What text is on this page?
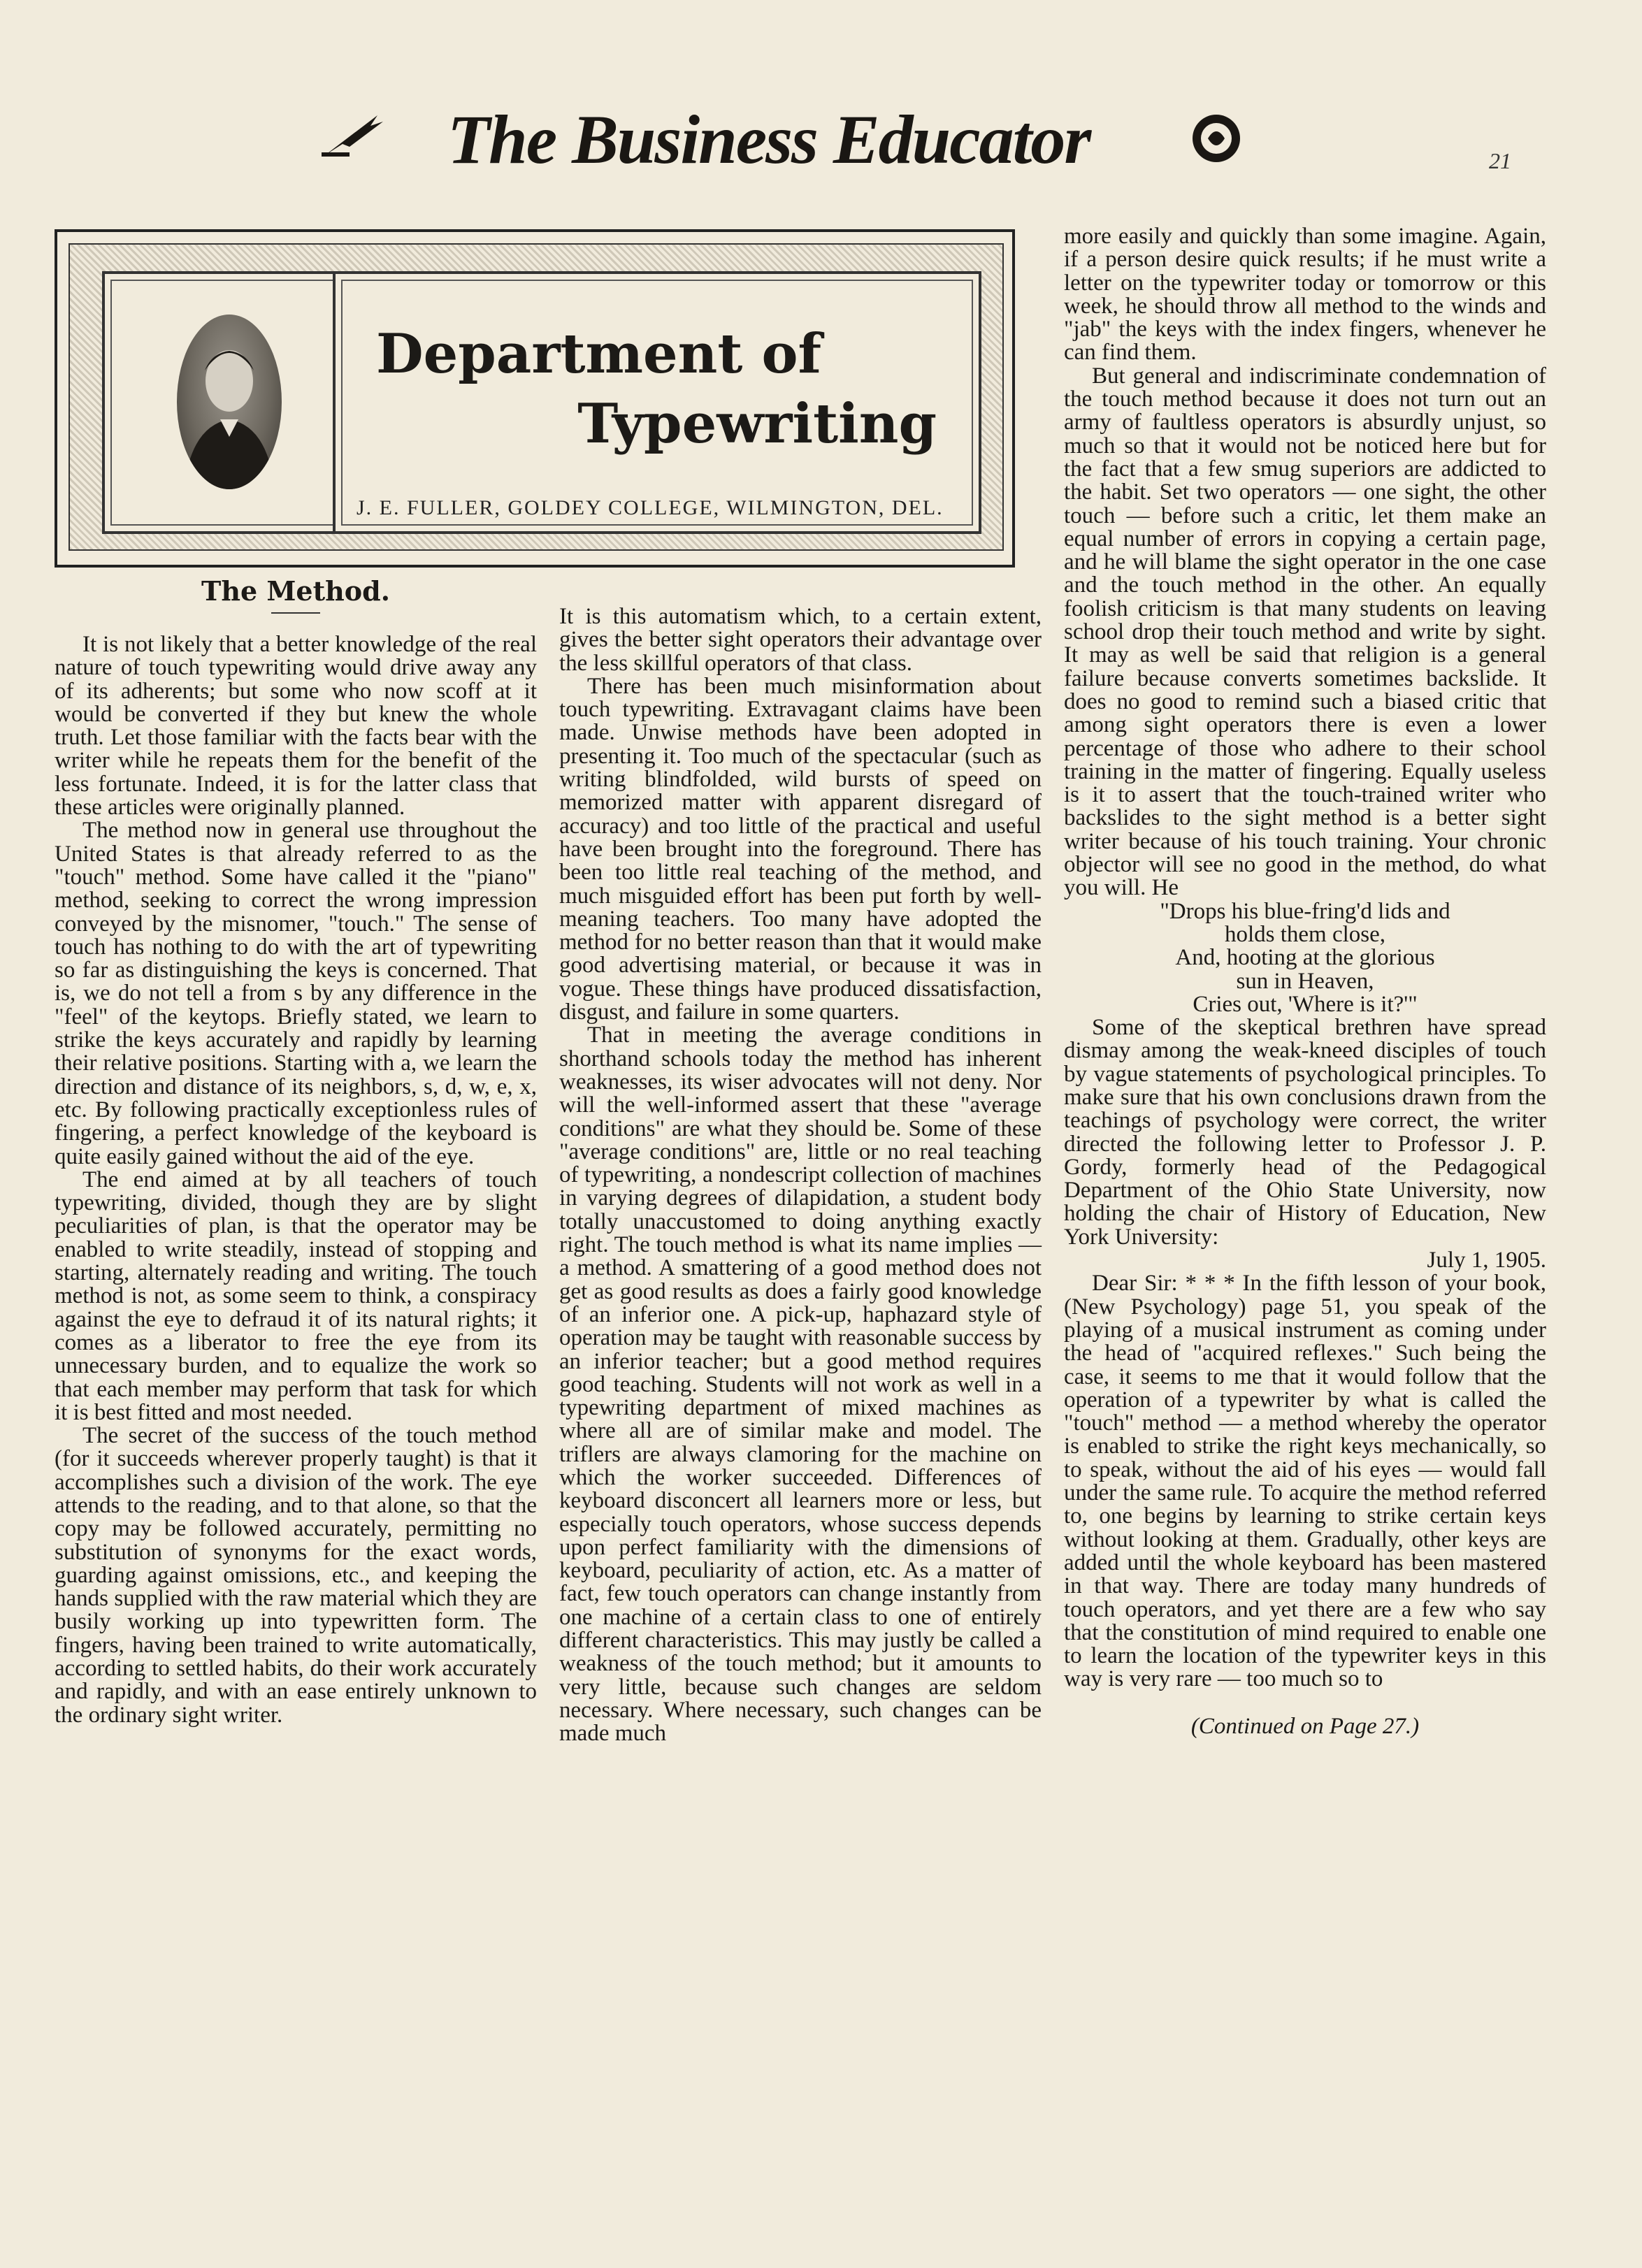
The Business Educator	21
Department of
Typewriting
J. E. FULLER, GOLDEY COLLEGE, WILMINGTON, DEL.
The Method.

It is not likely that a better knowledge of the real nature of touch typewriting would drive away any of its adherents; but some who now scoff at it would be converted if they but knew the whole truth. Let those familiar with the facts bear with the writer while he repeats them for the benefit of the less fortunate. Indeed, it is for the latter class that these articles were originally planned.

The method now in general use throughout the United States is that already referred to as the "touch" method. Some have called it the "piano" method, seeking to correct the wrong impression conveyed by the misnomer, "touch." The sense of touch has nothing to do with the art of typewriting so far as distinguishing the keys is concerned. That is, we do not tell a from s by any difference in the "feel" of the keytops. Briefly stated, we learn to strike the keys accurately and rapidly by learning their relative positions. Starting with a, we learn the direction and distance of its neighbors, s, d, w, e, x, etc. By following practically exceptionless rules of fingering, a perfect knowledge of the keyboard is quite easily gained without the aid of the eye.

The end aimed at by all teachers of touch typewriting, divided, though they are by slight peculiarities of plan, is that the operator may be enabled to write steadily, instead of stopping and starting, alternately reading and writing. The touch method is not, as some seem to think, a conspiracy against the eye to defraud it of its natural rights; it comes as a liberator to free the eye from its unnecessary burden, and to equalize the work so that each member may perform that task for which it is best fitted and most needed.

The secret of the success of the touch method (for it succeeds wherever properly taught) is that it accomplishes such a division of the work. The eye attends to the reading, and to that alone, so that the copy may be followed accurately, permitting no substitution of synonyms for the exact words, guarding against omissions, etc., and keeping the hands supplied with the raw material which they are busily working up into typewritten form. The fingers, having been trained to write automatically, according to settled habits, do their work accurately and rapidly, and with an ease entirely unknown to the ordinary sight writer.

It is this automatism which, to a certain extent, gives the better sight operators their advantage over the less skillful operators of that class.

There has been much misinformation about touch typewriting. Extravagant claims have been made. Unwise methods have been adopted in presenting it. Too much of the spectacular (such as writing blindfolded, wild bursts of speed on memorized matter with apparent disregard of accuracy) and too little of the practical and useful have been brought into the foreground. There has been too little real teaching of the method, and much misguided effort has been put forth by well-meaning teachers. Too many have adopted the method for no better reason than that it would make good advertising material, or because it was in vogue. These things have produced dissatisfaction, disgust, and failure in some quarters.

That in meeting the average conditions in shorthand schools today the method has inherent weaknesses, its wiser advocates will not deny. Nor will the well-informed assert that these "average conditions" are what they should be. Some of these "average conditions" are, little or no real teaching of typewriting, a nondescript collection of machines in varying degrees of dilapidation, a student body totally unaccustomed to doing anything exactly right. The touch method is what its name implies — a method. A smattering of a good method does not get as good results as does a fairly good knowledge of an inferior one. A pick-up, haphazard style of operation may be taught with reasonable success by an inferior teacher; but a good method requires good teaching. Students will not work as well in a typewriting department of mixed machines as where all are of similar make and model. The triflers are always clamoring for the machine on which the worker succeeded. Differences of keyboard disconcert all learners more or less, but especially touch operators, whose success depends upon perfect familiarity with the dimensions of keyboard, peculiarity of action, etc. As a matter of fact, few touch operators can change instantly from one machine of a certain class to one of entirely different characteristics. This may justly be called a weakness of the touch method; but it amounts to very little, because such changes are seldom necessary. Where necessary, such changes can be made much

more easily and quickly than some imagine. Again, if a person desire quick results; if he must write a letter on the typewriter today or tomorrow or this week, he should throw all method to the winds and "jab" the keys with the index fingers, whenever he can find them.

But general and indiscriminate condemnation of the touch method because it does not turn out an army of faultless operators is absurdly unjust, so much so that it would not be noticed here but for the fact that a few smug superiors are addicted to the habit. Set two operators — one sight, the other touch — before such a critic, let them make an equal number of errors in copying a certain page, and he will blame the sight operator in the one case and the touch method in the other. An equally foolish criticism is that many students on leaving school drop their touch method and write by sight. It may as well be said that religion is a general failure because converts sometimes backslide. It does no good to remind such a biased critic that among sight operators there is even a lower percentage of those who adhere to their school training in the matter of fingering. Equally useless is it to assert that the touch-trained writer who backslides to the sight method is a better sight writer because of his touch training. Your chronic objector will see no good in the method, do what you will. He

"Drops his blue-fring'd lids and
holds them close,
And, hooting at the glorious
sun in Heaven,
Cries out, 'Where is it?'"

Some of the skeptical brethren have spread dismay among the weak-kneed disciples of touch by vague statements of psychological principles. To make sure that his own conclusions drawn from the teachings of psychology were correct, the writer directed the following letter to Professor J. P. Gordy, formerly head of the Pedagogical Department of the Ohio State University, now holding the chair of History of Education, New York University:

July 1, 1905.

Dear Sir: * * * In the fifth lesson of your book, (New Psychology) page 51, you speak of the playing of a musical instrument as coming under the head of "acquired reflexes." Such being the case, it seems to me that it would follow that the operation of a typewriter by what is called the "touch" method — a method whereby the operator is enabled to strike the right keys mechanically, so to speak, without the aid of his eyes — would fall under the same rule. To acquire the method referred to, one begins by learning to strike certain keys without looking at them. Gradually, other keys are added until the whole keyboard has been mastered in that way. There are today many hundreds of touch operators, and yet there are a few who say that the constitution of mind required to enable one to learn the location of the typewriter keys in this way is very rare — too much so to

(Continued on Page 27.)
